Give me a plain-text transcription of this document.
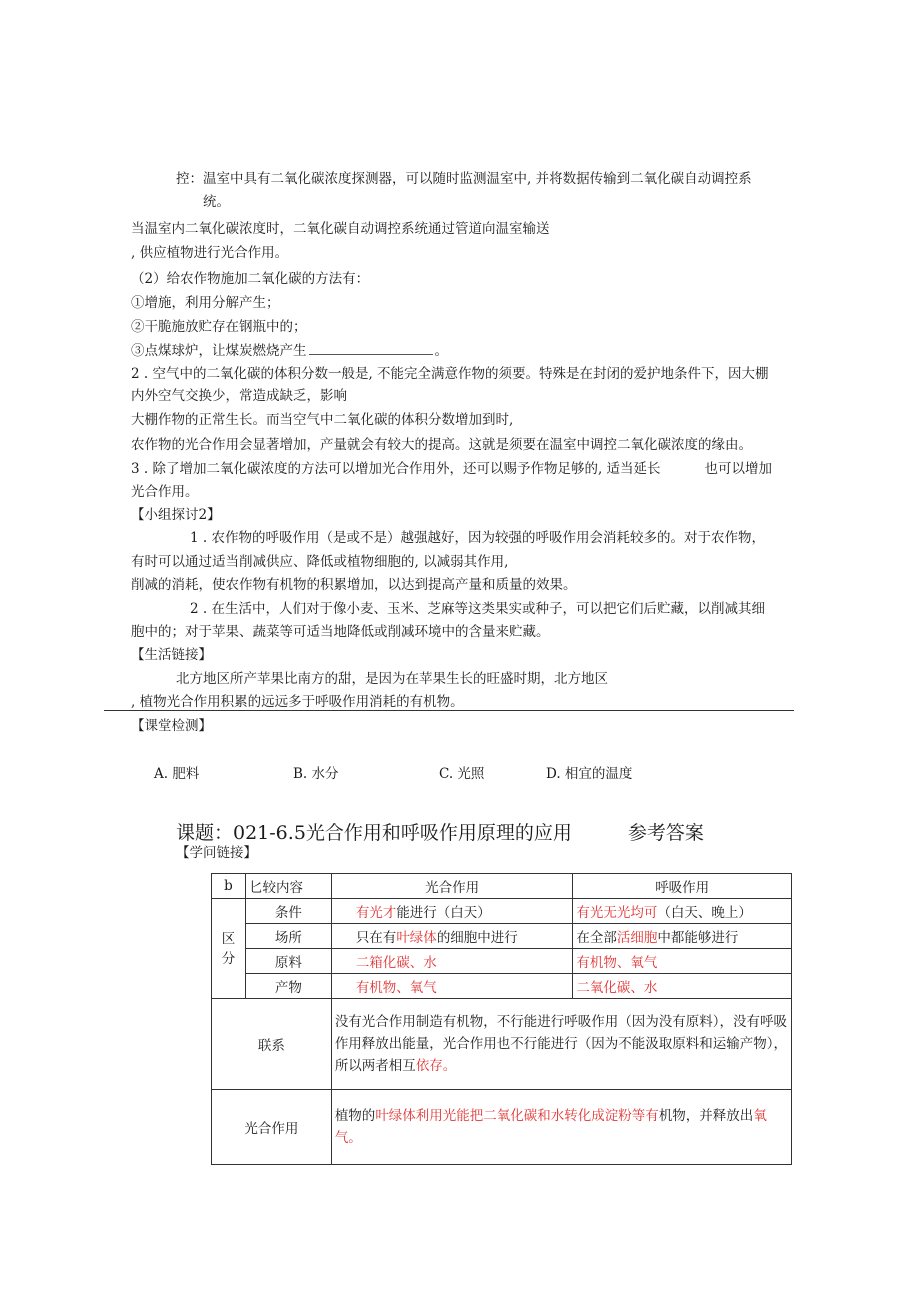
控：温室中具有二氧化碳浓度探测器，可以随时监测温室中, 并将数据传输到二氧化碳自动调控系
统。
当温室内二氧化碳浓度时，二氧化碳自动调控系统通过管道向温室输送
, 供应植物进行光合作用。
（2）给农作物施加二氧化碳的方法有：
①增施，利用分解产生；
②干脆施放贮存在钢瓶中的；
③点煤球炉，让煤炭燃烧产生	。
2 . 空气中的二氧化碳的体积分数一般是, 不能完全满意作物的须要。特殊是在封闭的爱护地条件下，因大棚
内外空气交换少，常造成缺乏，影响
大棚作物的正常生长。而当空气中二氧化碳的体积分数增加到时,
农作物的光合作用会显著增加，产量就会有较大的提高。这就是须要在温室中调控二氧化碳浓度的缘由。
3 . 除了增加二氧化碳浓度的方法可以增加光合作用外，还可以赐予作物足够的, 适当延长	也可以增加
光合作用。
【小组探讨2】
1 . 农作物的呼吸作用（是或不是）越强越好，因为较强的呼吸作用会消耗较多的。对于农作物，
有时可以通过适当削减供应、降低或植物细胞的, 以减弱其作用,
削减的消耗，使农作物有机物的积累增加，以达到提高产量和质量的效果。
2 . 在生活中，人们对于像小麦、玉米、芝麻等这类果实或种子，可以把它们后贮藏，以削减其细
胞中的；对于苹果、蔬菜等可适当地降低或削减环境中的含量来贮藏。
【生活链接】
北方地区所产苹果比南方的甜，是因为在苹果生长的旺盛时期，北方地区
, 植物光合作用积累的远远多于呼吸作用消耗的有机物。
【课堂检测】
A. 肥料	B. 水分	C. 光照	D. 相宜的温度
课题：021-6.5光合作用和呼吸作用原理的应用	参考答案
【学问链接】
b	匕较内容	光合作用	呼吸作用
区
分	条件	有光才能进行（白天）	有光无光均可（白天、晚上）
	场所	只在有叶绿体的细胞中进行	在全部活细胞中都能够进行
	原料	二箱化碳、水	有机物、氧气
	产物	有机物、氧气	二氧化碳、水
联系		没有光合作用制造有机物，不行能进行呼吸作用（因为没有原料），没有呼吸作用释放出能量，光合作用也不行能进行（因为不能汲取原料和运输产物），所以两者相互依存。	
光合作用		植物的叶绿体利用光能把二氧化碳和水转化成淀粉等有机物，并释放出氧气。	
